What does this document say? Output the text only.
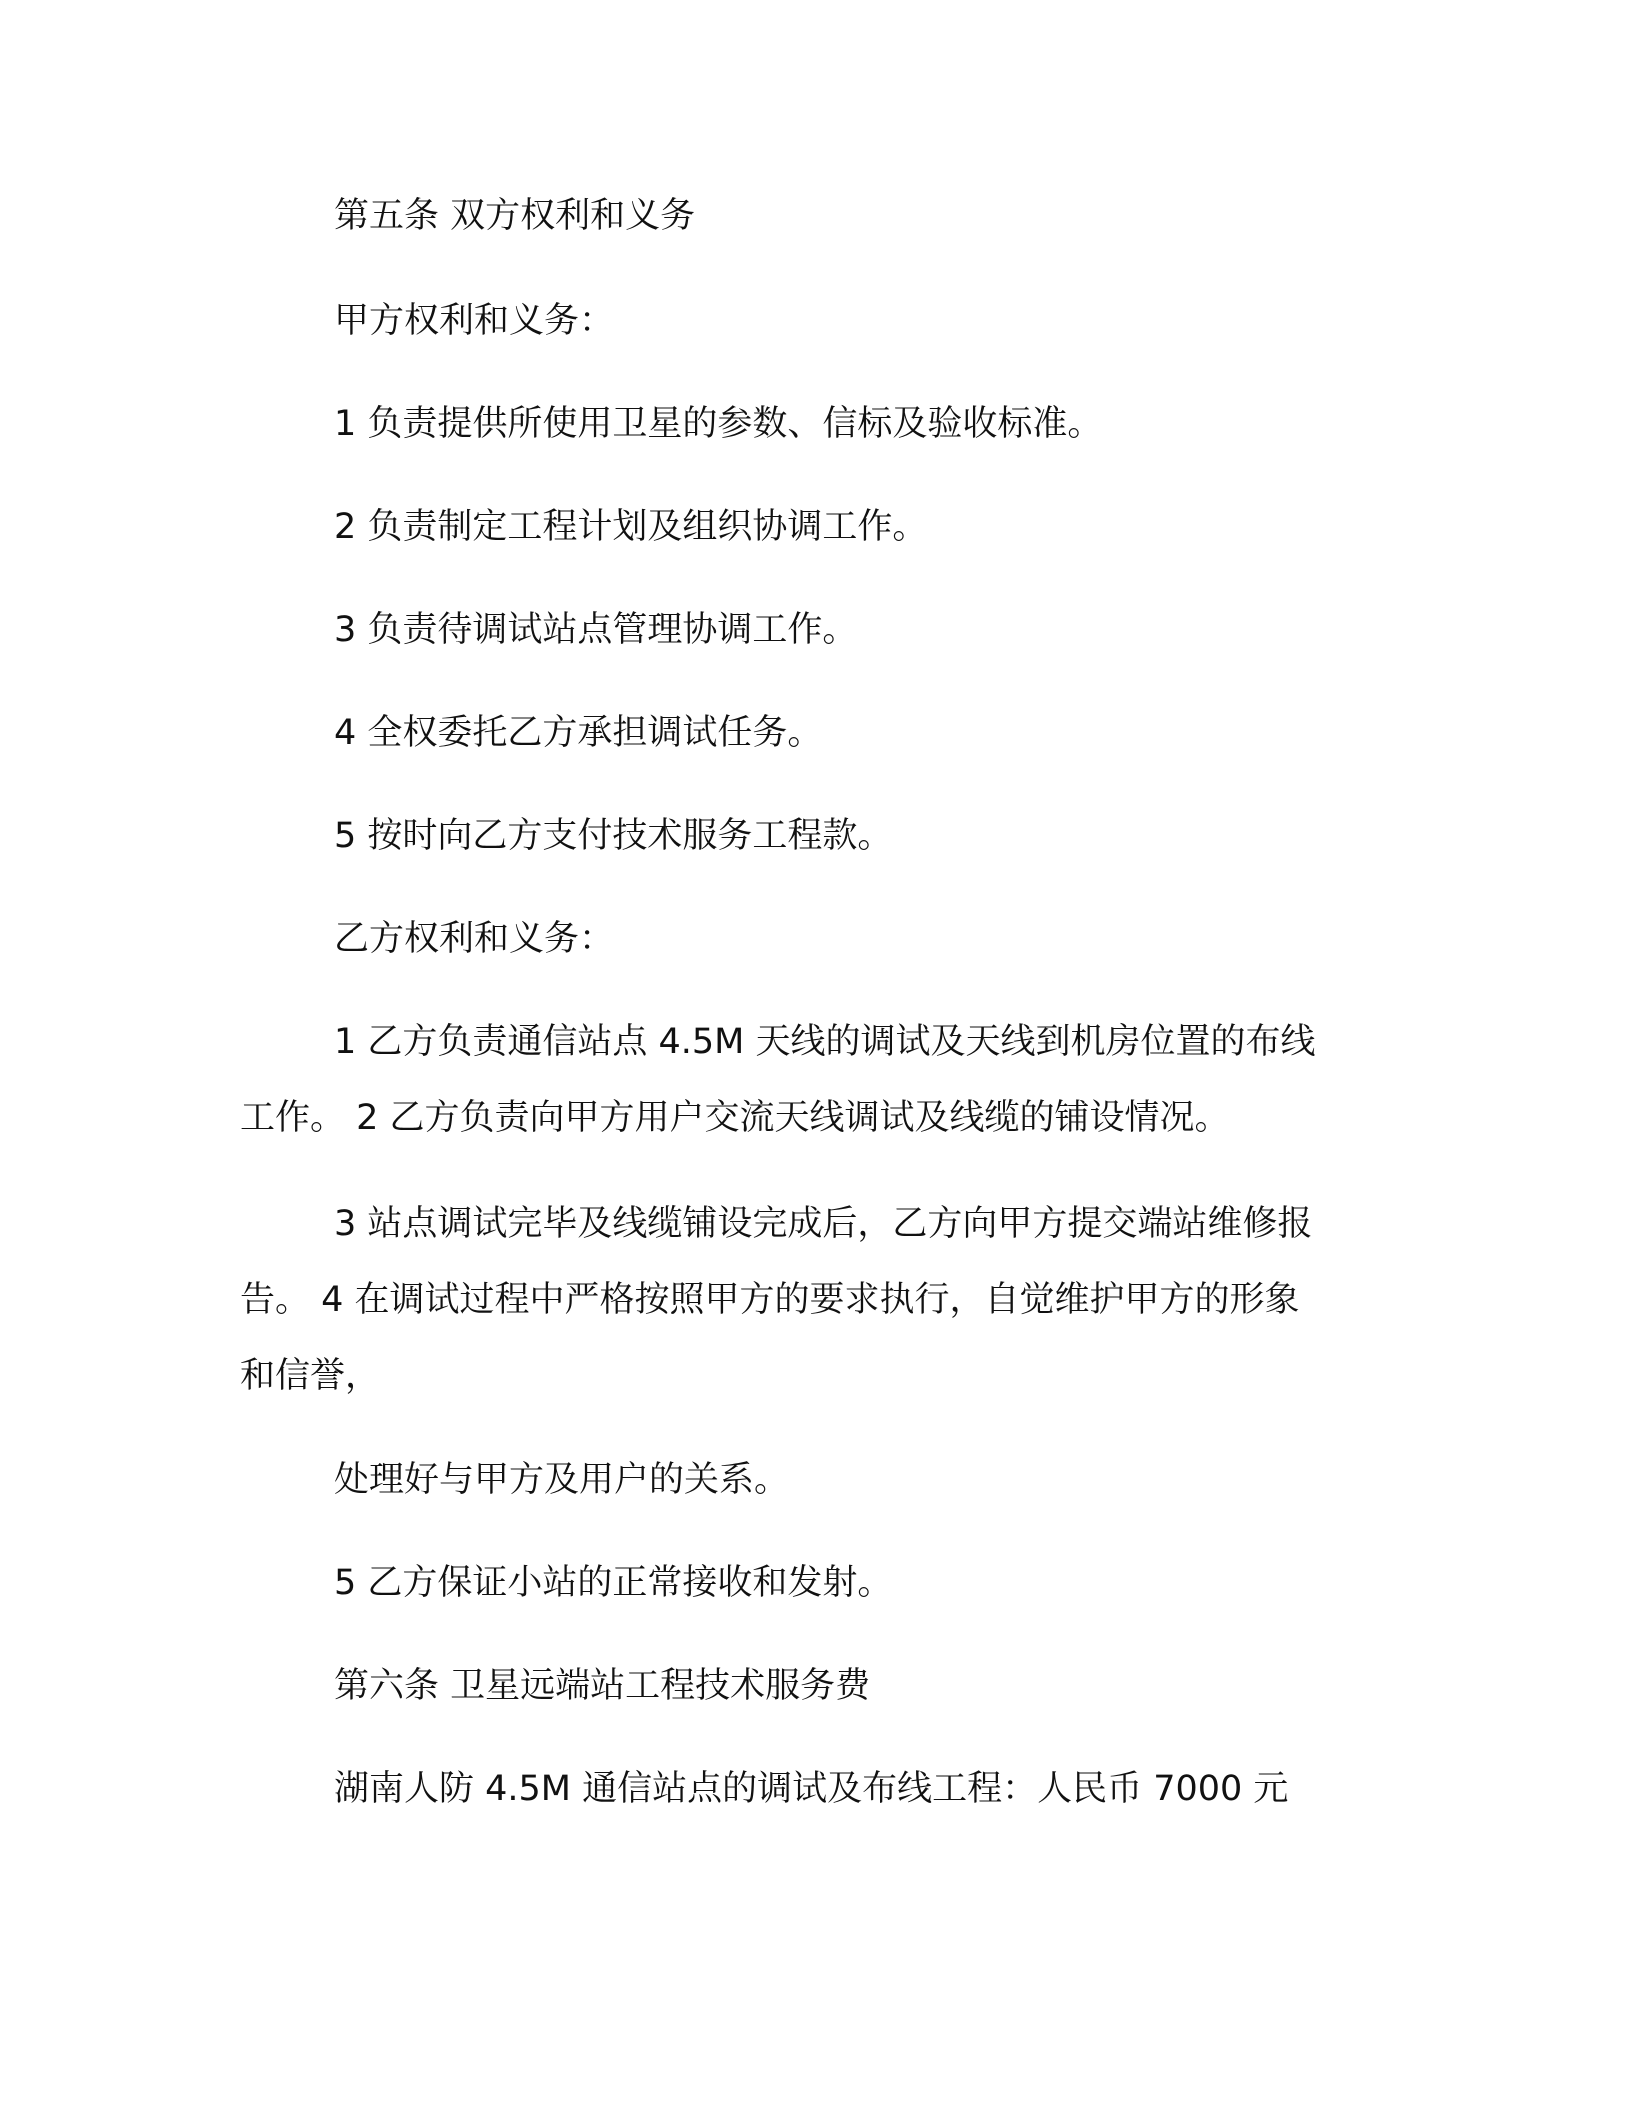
第五条 双方权利和义务
甲方权利和义务：
1 负责提供所使用卫星的参数、信标及验收标准。
2 负责制定工程计划及组织协调工作。
3 负责待调试站点管理协调工作。
4 全权委托乙方承担调试任务。
5 按时向乙方支付技术服务工程款。
乙方权利和义务：
1 乙方负责通信站点 4.5M 天线的调试及天线到机房位置的布线
工作。 2 乙方负责向甲方用户交流天线调试及线缆的铺设情况。
3 站点调试完毕及线缆铺设完成后，乙方向甲方提交端站维修报
告。 4 在调试过程中严格按照甲方的要求执行，自觉维护甲方的形象
和信誉，
处理好与甲方及用户的关系。
5 乙方保证小站的正常接收和发射。
第六条 卫星远端站工程技术服务费
湖南人防 4.5M 通信站点的调试及布线工程：人民币 7000 元
